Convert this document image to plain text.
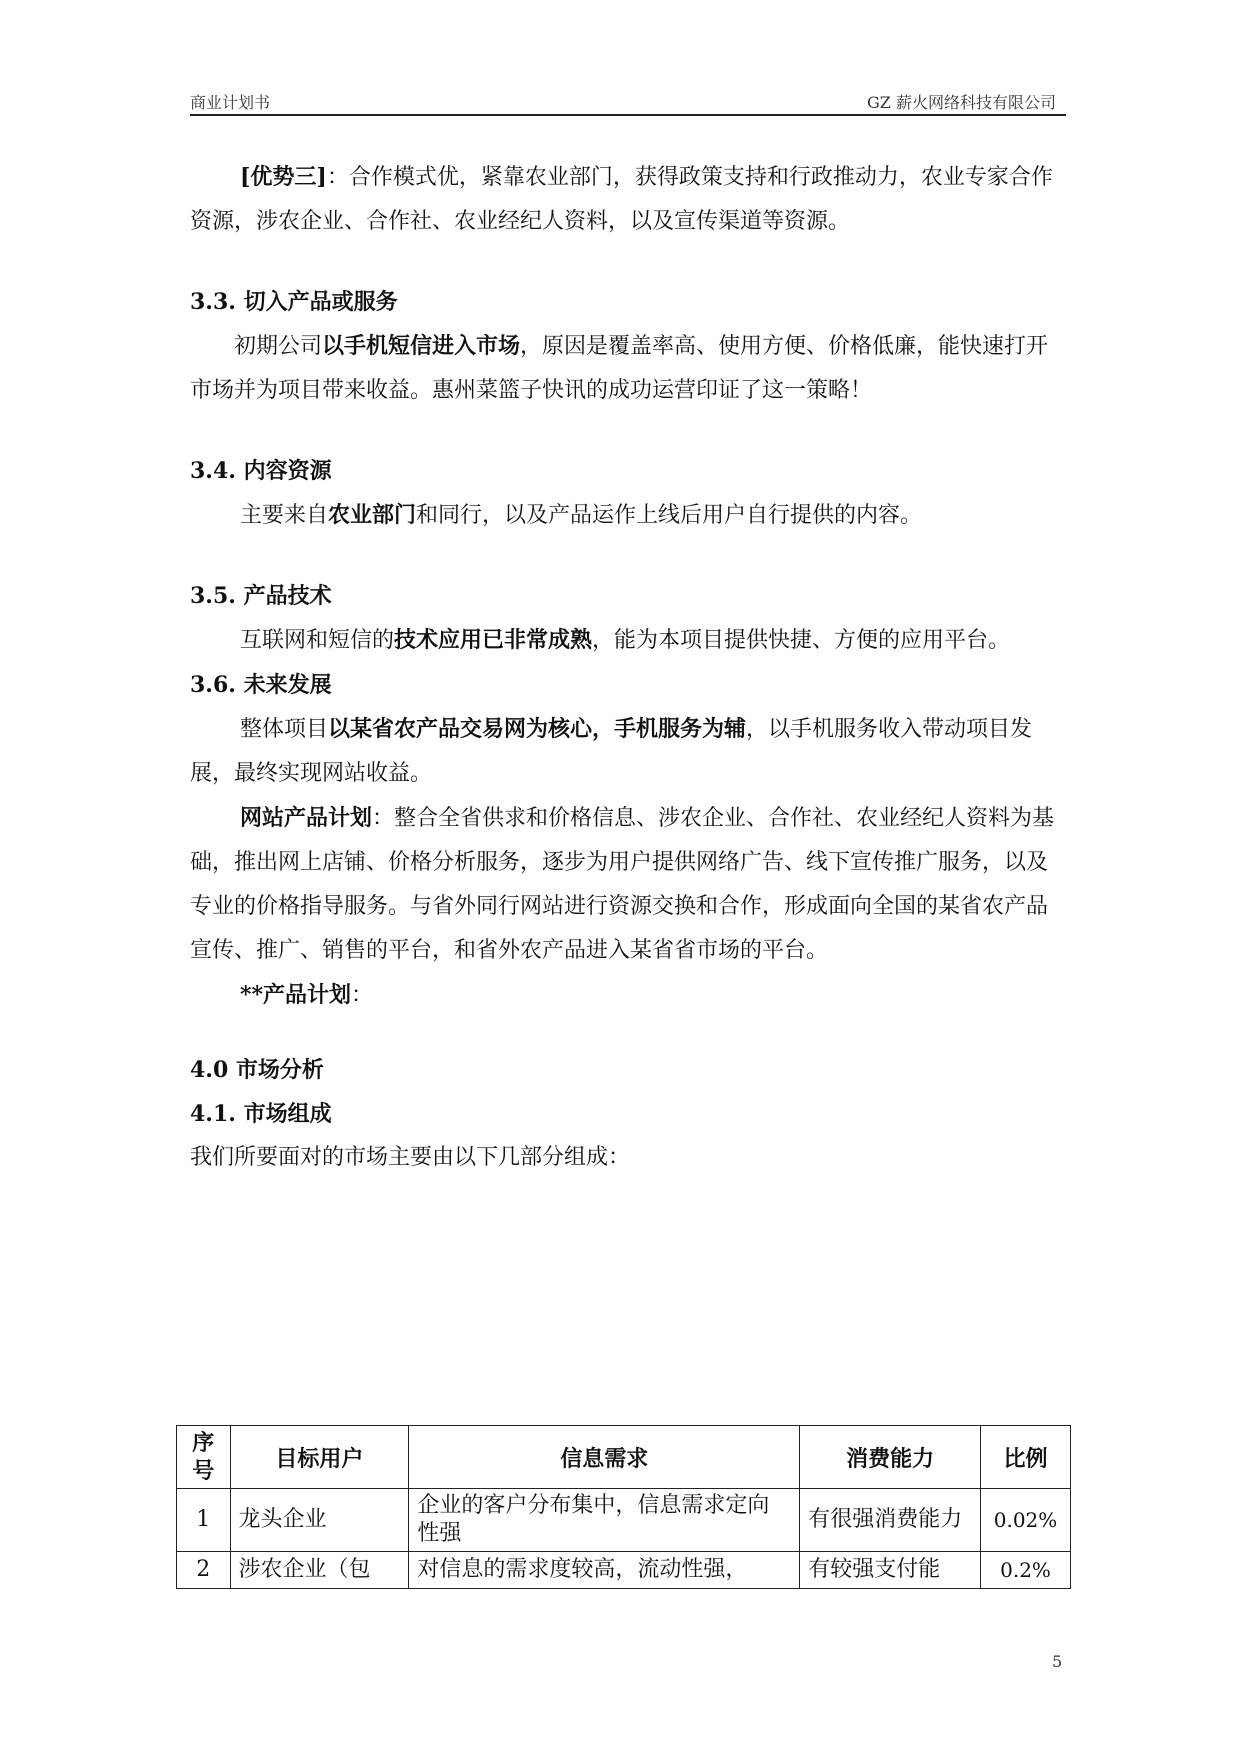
商业计划书	GZ 薪火网络科技有限公司

[优势三]：合作模式优，紧靠农业部门，获得政策支持和行政推动力，农业专家合作资源，涉农企业、合作社、农业经纪人资料，以及宣传渠道等资源。

3.3. 切入产品或服务

初期公司以手机短信进入市场，原因是覆盖率高、使用方便、价格低廉，能快速打开市场并为项目带来收益。惠州菜篮子快讯的成功运营印证了这一策略！

3.4. 内容资源

主要来自农业部门和同行，以及产品运作上线后用户自行提供的内容。

3.5. 产品技术

互联网和短信的技术应用已非常成熟，能为本项目提供快捷、方便的应用平台。

3.6. 未来发展

整体项目以某省农产品交易网为核心，手机服务为辅，以手机服务收入带动项目发展，最终实现网站收益。

网站产品计划：整合全省供求和价格信息、涉农企业、合作社、农业经纪人资料为基础，推出网上店铺、价格分析服务，逐步为用户提供网络广告、线下宣传推广服务，以及专业的价格指导服务。与省外同行网站进行资源交换和合作，形成面向全国的某省农产品宣传、推广、销售的平台，和省外农产品进入某省省市场的平台。

**产品计划：

4.0 市场分析
4.1. 市场组成

我们所要面对的市场主要由以下几部分组成：

序号	目标用户	信息需求	消费能力	比例
1	龙头企业	企业的客户分布集中，信息需求定向性强	有很强消费能力	0.02%
2	涉农企业（包	对信息的需求度较高，流动性强，	有较强支付能	0.2%
5
